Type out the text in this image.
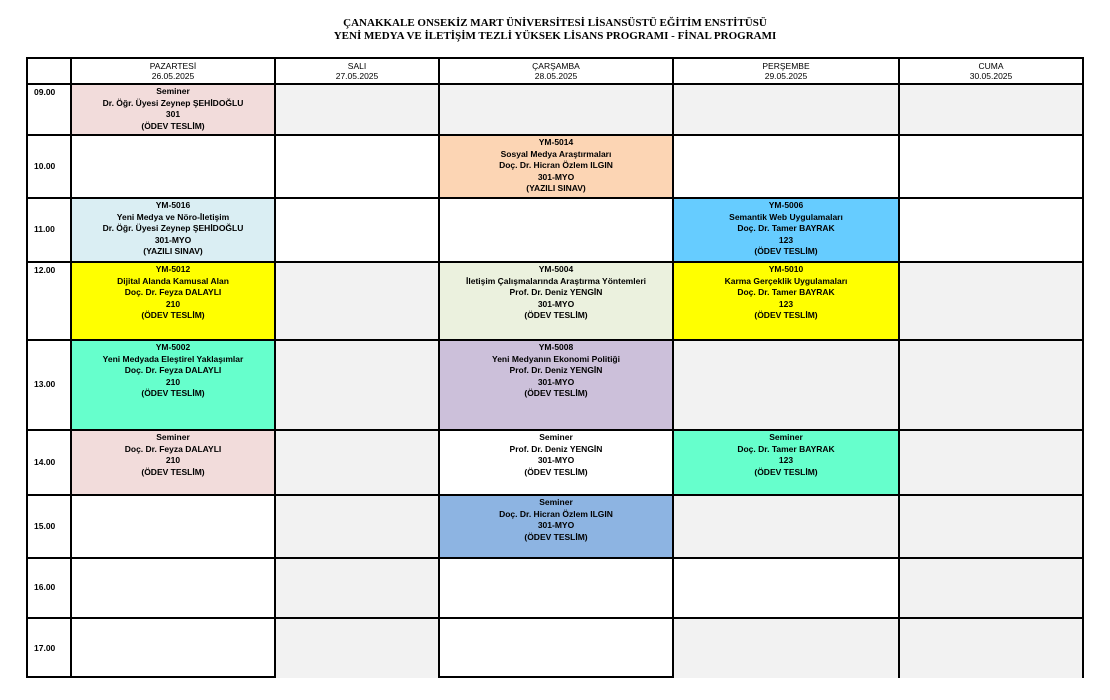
ÇANAKKALE ONSEKİZ MART ÜNİVERSİTESİ LİSANSÜSTÜ EĞİTİM ENSTİTÜSÜ
YENİ MEDYA VE İLETİŞİM TEZLİ YÜKSEK LİSANS PROGRAMI - FİNAL PROGRAMI
Seminer
Dr. Öğr. Üyesi Zeynep ŞEHİDOĞLU
301
(ÖDEV TESLİM)
YM-5014
Sosyal Medya Araştırmaları
Doç. Dr. Hicran Özlem ILGIN
301-MYO
(YAZILI SINAV)
YM-5016
Yeni Medya ve Nöro-İletişim
Dr. Öğr. Üyesi Zeynep ŞEHİDOĞLU
301-MYO
(YAZILI SINAV)
YM-5006
Semantik Web Uygulamaları
Doç. Dr. Tamer BAYRAK
123
(ÖDEV TESLİM)
YM-5012
Dijital Alanda Kamusal Alan
Doç. Dr. Feyza DALAYLI
210
(ÖDEV TESLİM)
YM-5004
İletişim Çalışmalarında Araştırma Yöntemleri
Prof. Dr. Deniz YENGİN
301-MYO
(ÖDEV TESLİM)
YM-5010
Karma Gerçeklik Uygulamaları
Doç. Dr. Tamer BAYRAK
123
(ÖDEV TESLİM)
YM-5002
Yeni Medyada Eleştirel Yaklaşımlar
Doç. Dr. Feyza DALAYLI
210
(ÖDEV TESLİM)
YM-5008
Yeni Medyanın Ekonomi Politiği
Prof. Dr. Deniz YENGİN
301-MYO
(ÖDEV TESLİM)
Seminer
Doç. Dr. Feyza DALAYLI
210
(ÖDEV TESLİM)
Seminer
Prof. Dr. Deniz YENGİN
301-MYO
(ÖDEV TESLİM)
Seminer
Doç. Dr. Tamer BAYRAK
123
(ÖDEV TESLİM)
Seminer
Doç. Dr. Hicran Özlem ILGIN
301-MYO
(ÖDEV TESLİM)
PAZARTESİ
26.05.2025
SALI
27.05.2025
ÇARŞAMBA
28.05.2025
PERŞEMBE
29.05.2025
CUMA
30.05.2025
09.00
10.00
11.00
12.00
13.00
14.00
15.00
16.00
17.00
